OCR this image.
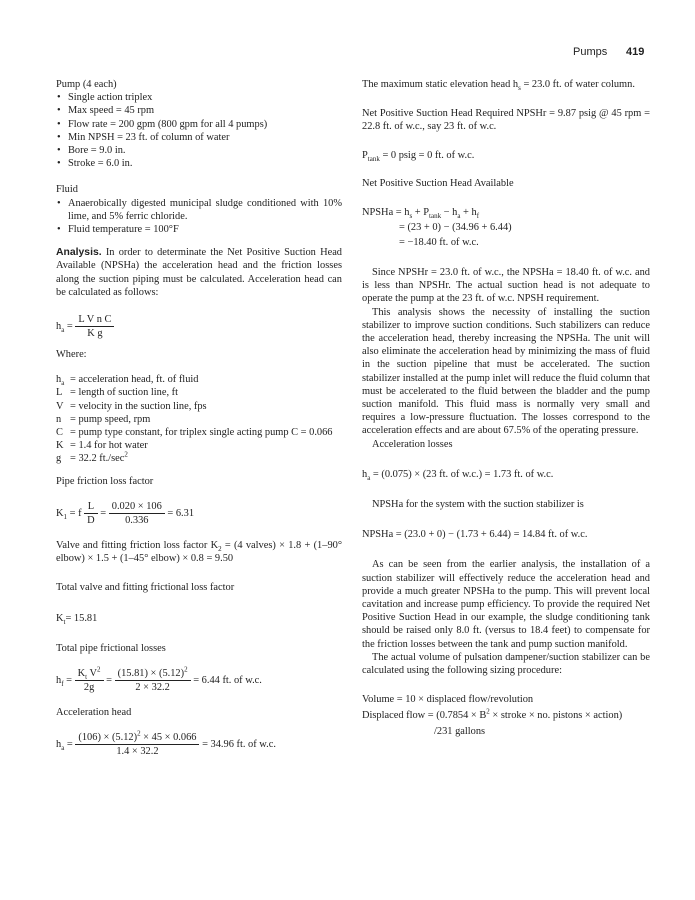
Pumps 419

Pump (4 each)

• Single action triplex

• Max speed = 45 rpm

• Flow rate = 200 gpm (800 gpm for all 4 pumps)

• Min NPSH = 23 ft. of column of water

• Bore = 9.0 in.

• Stroke = 6.0 in.

Fluid

• Anaerobically digested municipal sludge conditioned with 10% lime, and 5% ferric chloride.

• Fluid temperature = 100°F

Analysis. In order to determinate the Net Positive Suction Head Available (NPSHa) the acceleration head and the friction losses along the suction piping must be calculated. Acceleration head can be calculated as follows:

$h_a = \frac{\text{L V n C}}{\text{K g}}$

Where:

$h_a$ = acceleration head, ft. of fluid

L = length of suction line, ft

V = velocity in the suction line, fps

n = pump speed, rpm

C = pump type constant, for triplex single acting pump C = 0.066

K = 1.4 for hot water

g = 32.2 $ft./\sec^2$

Pipe friction loss factor

$K_1 = f \frac{L}{D} = \frac{0.020 \times 106}{0.336} = 6.31$

Valve and fitting friction loss factor $K_2 = (4$ valves) × 1.8 + (1–90° elbow) × 1.5 + (1–45° elbow) × 0.8 = 9.50

Total valve and fitting frictional loss factor

$K_t= 15.81$

Total pipe frictional losses

$h_f = \frac{K_t V^2}{2g} = \frac{(15.81) \times (5.12)^2}{2 \times 32.2} = 6.44$ ft. of w.c.

Acceleration head

$h_a = \frac{(106) \times (5.12)^2 \times 45 \times 0.066}{1.4 \times 32.2} = 34.96$ ft. of w.c.

The maximum static elevation head $h_s = 23.0$ ft. of water column.

Net Positive Suction Head Required NPSHr = 9.87 psig @ 45 rpm = 22.8 ft. of w.c., say 23 ft. of w.c.

$P_{tank} = 0$ psig = 0 ft. of w.c.

Net Positive Suction Head Available

NPSHa = $h_s + P_{tank} - h_a + h_f$
= (23 + 0) − (34.96 + 6.44)
= −18.40 ft. of w.c.

Since NPSHr = 23.0 ft. of w.c., the NPSHa = 18.40 ft. of w.c. and is less than NPSHr. The actual suction head is not adequate to operate the pump at the 23 ft. of w.c. NPSH requirement.

This analysis shows the necessity of installing the suction stabilizer to improve suction conditions. Such stabilizers can reduce the acceleration head, thereby increasing the NPSHa. The unit will also eliminate the acceleration head by minimizing the mass of fluid in the suction pipeline that must be accelerated. The suction stabilizer installed at the pump inlet will reduce the fluid column that must be accelerated to the fluid between the bladder and the pump suction manifold. This fluid mass is normally very small and requires a low-pressure fluctuation. The losses correspond to the acceleration effects and are about 67.5% of the operating pressure.

Acceleration losses

$h_a = (0.075) \times (23$ ft. of w.c.) = 1.73 ft. of w.c.

NPSHa for the system with the suction stabilizer is

NPSHa = (23.0 + 0) − (1.73 + 6.44) = 14.84 ft. of w.c.

As can be seen from the earlier analysis, the installation of a suction stabilizer will effectively reduce the acceleration head and provide a much greater NPSHa to the pump. This will prevent local cavitation and increase pump efficiency. To provide the required Net Positive Suction Head in our example, the sludge conditioning tank should be raised only 8.0 ft. (versus to 18.4 feet) to compensate for the friction losses between the tank and pump suction manifold.

The actual volume of pulsation dampener/suction stabilizer can be calculated using the following sizing procedure:

Volume = 10 × displaced flow/revolution
Displaced flow = ($0.7854 \times B^2$ × stroke × no. pistons × action)
/231 gallons
